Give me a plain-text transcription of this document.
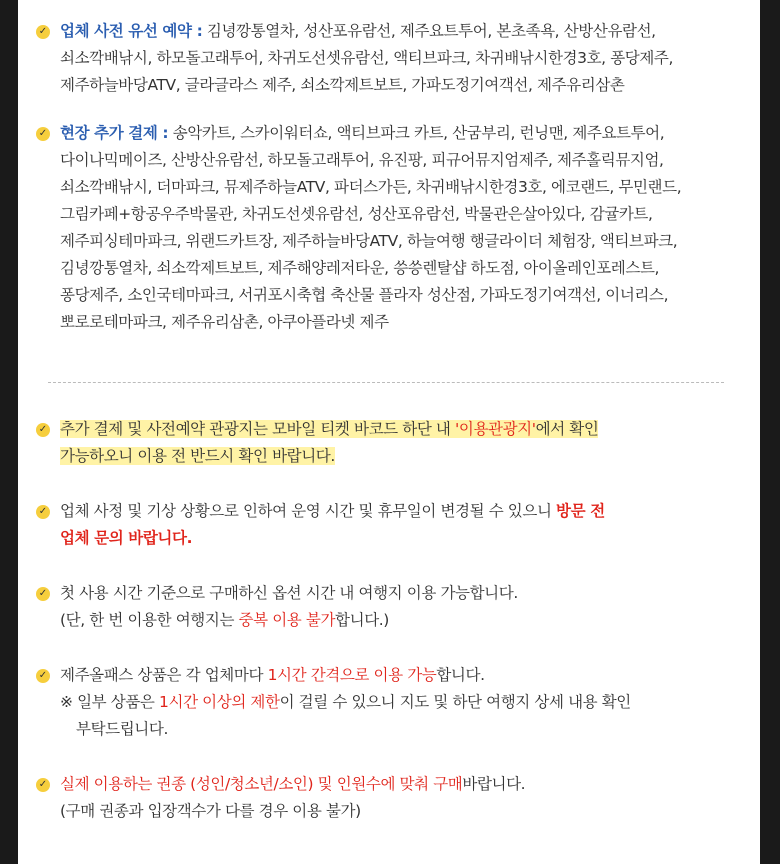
✓ 업체 사전 유선 예약 : 김녕깡통열차, 성산포유람선, 제주요트투어, 본초족욕, 산방산유람선,
쇠소깍배낚시, 하모돌고래투어, 차귀도선셋유람선, 액티브파크, 차귀배낚시한경3호, 퐁당제주,
제주하늘바당ATV, 글라글라스 제주, 쇠소깍제트보트, 가파도정기여객선, 제주유리삼촌
✓ 현장 추가 결제 : 송악카트, 스카이워터쇼, 액티브파크 카트, 산굼부리, 런닝맨, 제주요트투어,
다이나믹메이즈, 산방산유람선, 하모돌고래투어, 유진팡, 피규어뮤지엄제주, 제주홀릭뮤지엄,
쇠소깍배낚시, 더마파크, 뮤제주하늘ATV, 파더스가든, 차귀배낚시한경3호, 에코랜드, 무민랜드,
그림카페+항공우주박물관, 차귀도선셋유람선, 성산포유람선, 박물관은살아있다, 감귤카트,
제주피싱테마파크, 위랜드카트장, 제주하늘바당ATV, 하늘여행 행글라이더 체험장, 액티브파크,
김녕깡통열차, 쇠소깍제트보트, 제주해양레저타운, 씅씅렌탈샵 하도점, 아이올레인포레스트,
퐁당제주, 소인국테마파크, 서귀포시축협 축산물 플라자 성산점, 가파도정기여객선, 이너리스,
뽀로로테마파크, 제주유리삼촌, 아쿠아플라넷 제주
✓ 추가 결제 및 사전예약 관광지는 모바일 티켓 바코드 하단 내 '이용관광지'에서 확인
가능하오니 이용 전 반드시 확인 바랍니다.
✓ 업체 사정 및 기상 상황으로 인하여 운영 시간 및 휴무일이 변경될 수 있으니 방문 전
업체 문의 바랍니다.
✓ 첫 사용 시간 기준으로 구매하신 옵션 시간 내 여행지 이용 가능합니다.
(단, 한 번 이용한 여행지는 중복 이용 불가합니다.)
✓ 제주올패스 상품은 각 업체마다 1시간 간격으로 이용 가능합니다.
※ 일부 상품은 1시간 이상의 제한이 걸릴 수 있으니 지도 및 하단 여행지 상세 내용 확인
부탁드립니다.
✓ 실제 이용하는 권종 (성인/청소년/소인) 및 인원수에 맞춰 구매바랍니다.
(구매 권종과 입장객수가 다를 경우 이용 불가)
